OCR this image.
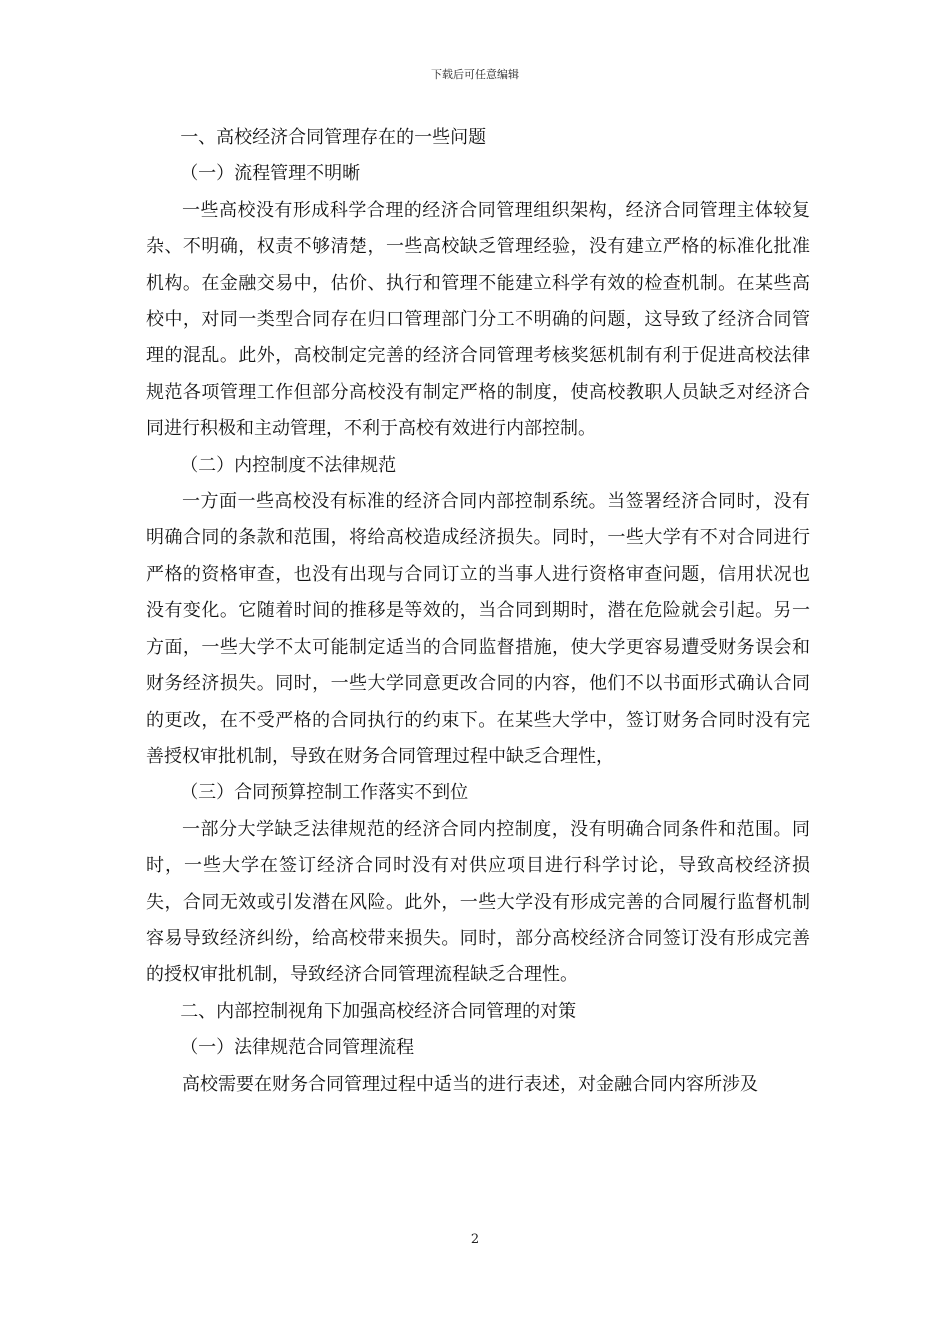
下载后可任意编辑

一、高校经济合同管理存在的一些问题

（一）流程管理不明晰

一些高校没有形成科学合理的经济合同管理组织架构，经济合同管理主体较复杂、不明确，权责不够清楚，一些高校缺乏管理经验，没有建立严格的标准化批准机构。在金融交易中，估价、执行和管理不能建立科学有效的检查机制。在某些高校中，对同一类型合同存在归口管理部门分工不明确的问题，这导致了经济合同管理的混乱。此外，高校制定完善的经济合同管理考核奖惩机制有利于促进高校法律规范各项管理工作但部分高校没有制定严格的制度，使高校教职人员缺乏对经济合同进行积极和主动管理，不利于高校有效进行内部控制。

（二）内控制度不法律规范

一方面一些高校没有标准的经济合同内部控制系统。当签署经济合同时，没有明确合同的条款和范围，将给高校造成经济损失。同时，一些大学有不对合同进行严格的资格审查，也没有出现与合同订立的当事人进行资格审查问题，信用状况也没有变化。它随着时间的推移是等效的，当合同到期时，潜在危险就会引起。另一方面，一些大学不太可能制定适当的合同监督措施，使大学更容易遭受财务误会和财务经济损失。同时，一些大学同意更改合同的内容，他们不以书面形式确认合同的更改，在不受严格的合同执行的约束下。在某些大学中，签订财务合同时没有完善授权审批机制，导致在财务合同管理过程中缺乏合理性，

（三）合同预算控制工作落实不到位

一部分大学缺乏法律规范的经济合同内控制度，没有明确合同条件和范围。同时，一些大学在签订经济合同时没有对供应项目进行科学讨论，导致高校经济损失，合同无效或引发潜在风险。此外，一些大学没有形成完善的合同履行监督机制容易导致经济纠纷，给高校带来损失。同时，部分高校经济合同签订没有形成完善的授权审批机制，导致经济合同管理流程缺乏合理性。

二、内部控制视角下加强高校经济合同管理的对策

（一）法律规范合同管理流程

高校需要在财务合同管理过程中适当的进行表述，对金融合同内容所涉及

2
